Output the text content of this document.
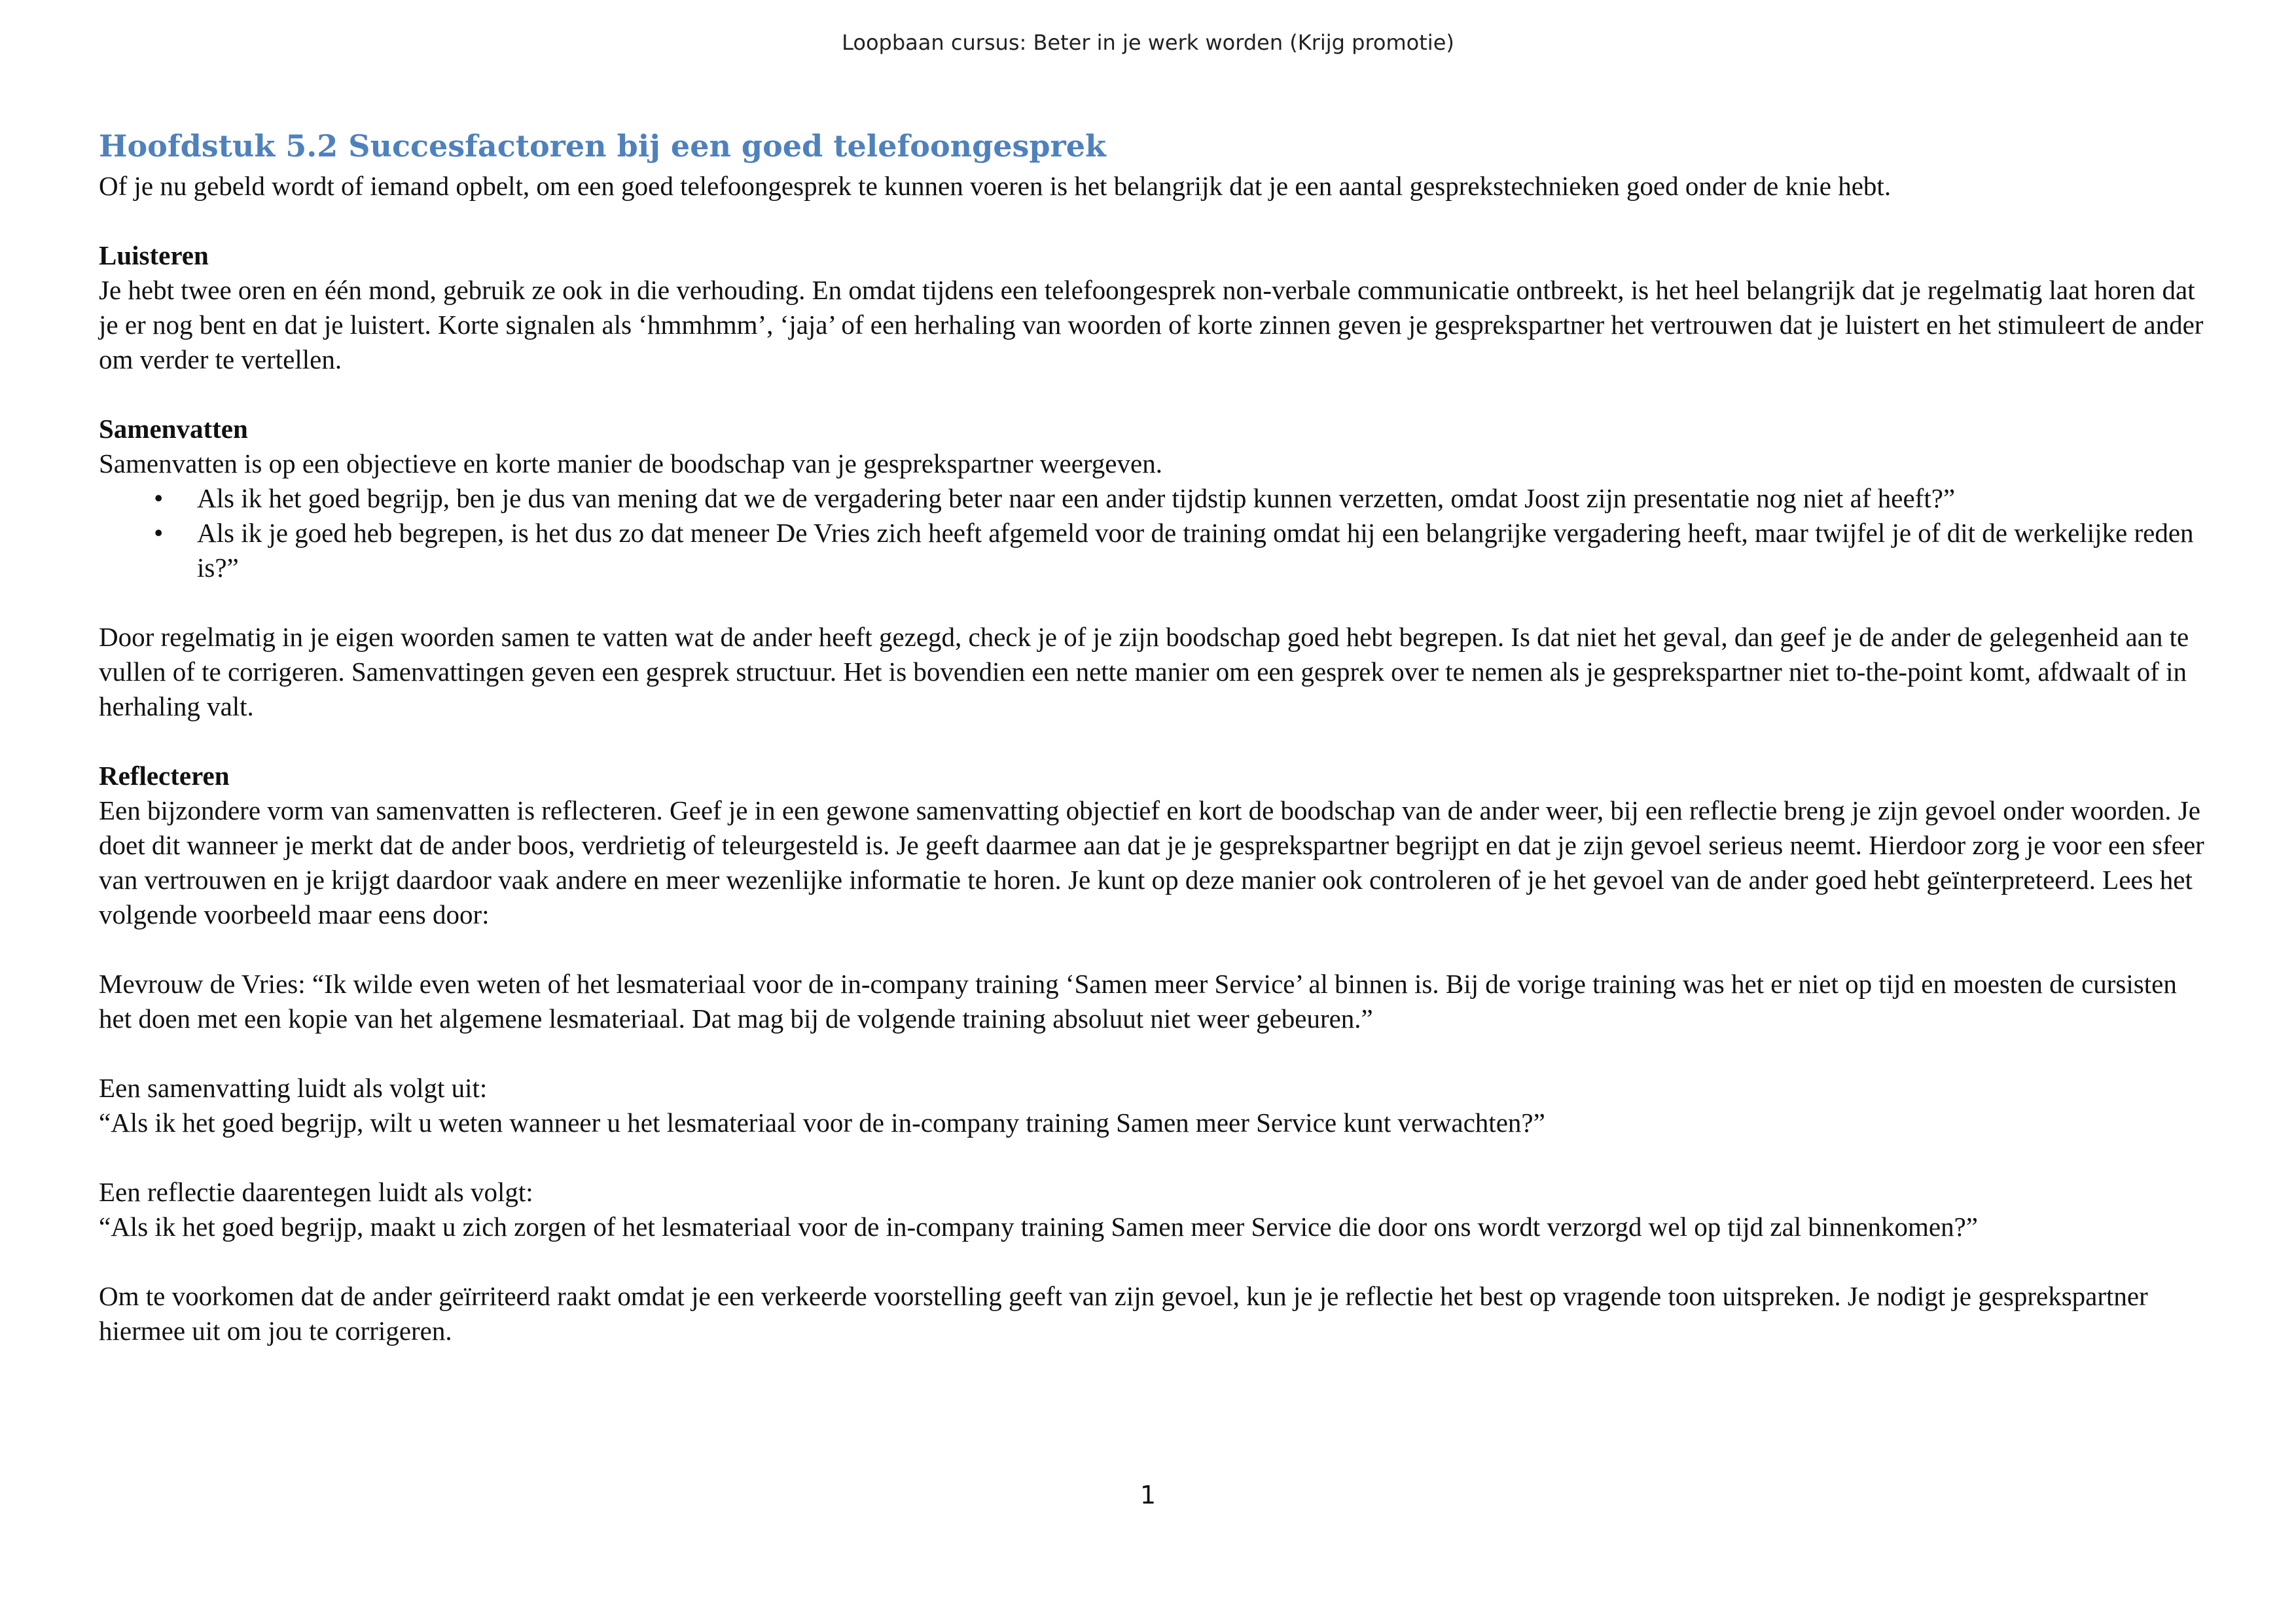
Loopbaan cursus: Beter in je werk worden (Krijg promotie)
Hoofdstuk 5.2 Succesfactoren bij een goed telefoongesprek

Of je nu gebeld wordt of iemand opbelt, om een goed telefoongesprek te kunnen voeren is het belangrijk dat je een aantal gesprekstechnieken goed onder de knie hebt.

Luisteren

Je hebt twee oren en één mond, gebruik ze ook in die verhouding. En omdat tijdens een telefoongesprek non-verbale communicatie ontbreekt, is het heel belangrijk dat je regelmatig laat horen dat je er nog bent en dat je luistert. Korte signalen als ‘hmmhmm’, ‘jaja’ of een herhaling van woorden of korte zinnen geven je gesprekspartner het vertrouwen dat je luistert en het stimuleert de ander om verder te vertellen.

Samenvatten

Samenvatten is op een objectieve en korte manier de boodschap van je gesprekspartner weergeven.

• Als ik het goed begrijp, ben je dus van mening dat we de vergadering beter naar een ander tijdstip kunnen verzetten, omdat Joost zijn presentatie nog niet af heeft?”
• Als ik je goed heb begrepen, is het dus zo dat meneer De Vries zich heeft afgemeld voor de training omdat hij een belangrijke vergadering heeft, maar twijfel je of dit de werkelijke reden is?”

Door regelmatig in je eigen woorden samen te vatten wat de ander heeft gezegd, check je of je zijn boodschap goed hebt begrepen. Is dat niet het geval, dan geef je de ander de gelegenheid aan te vullen of te corrigeren. Samenvattingen geven een gesprek structuur. Het is bovendien een nette manier om een gesprek over te nemen als je gesprekspartner niet to-the-point komt, afdwaalt of in herhaling valt.

Reflecteren

Een bijzondere vorm van samenvatten is reflecteren. Geef je in een gewone samenvatting objectief en kort de boodschap van de ander weer, bij een reflectie breng je zijn gevoel onder woorden. Je doet dit wanneer je merkt dat de ander boos, verdrietig of teleurgesteld is. Je geeft daarmee aan dat je je gesprekspartner begrijpt en dat je zijn gevoel serieus neemt. Hierdoor zorg je voor een sfeer van vertrouwen en je krijgt daardoor vaak andere en meer wezenlijke informatie te horen. Je kunt op deze manier ook controleren of je het gevoel van de ander goed hebt geïnterpreteerd. Lees het volgende voorbeeld maar eens door:

Mevrouw de Vries: “Ik wilde even weten of het lesmateriaal voor de in-company training ‘Samen meer Service’ al binnen is. Bij de vorige training was het er niet op tijd en moesten de cursisten het doen met een kopie van het algemene lesmateriaal. Dat mag bij de volgende training absoluut niet weer gebeuren.”

Een samenvatting luidt als volgt uit:

“Als ik het goed begrijp, wilt u weten wanneer u het lesmateriaal voor de in-company training Samen meer Service kunt verwachten?”

Een reflectie daarentegen luidt als volgt:

“Als ik het goed begrijp, maakt u zich zorgen of het lesmateriaal voor de in-company training Samen meer Service die door ons wordt verzorgd wel op tijd zal binnenkomen?”

Om te voorkomen dat de ander geïrriteerd raakt omdat je een verkeerde voorstelling geeft van zijn gevoel, kun je je reflectie het best op vragende toon uitspreken. Je nodigt je gesprekspartner hiermee uit om jou te corrigeren.

1
